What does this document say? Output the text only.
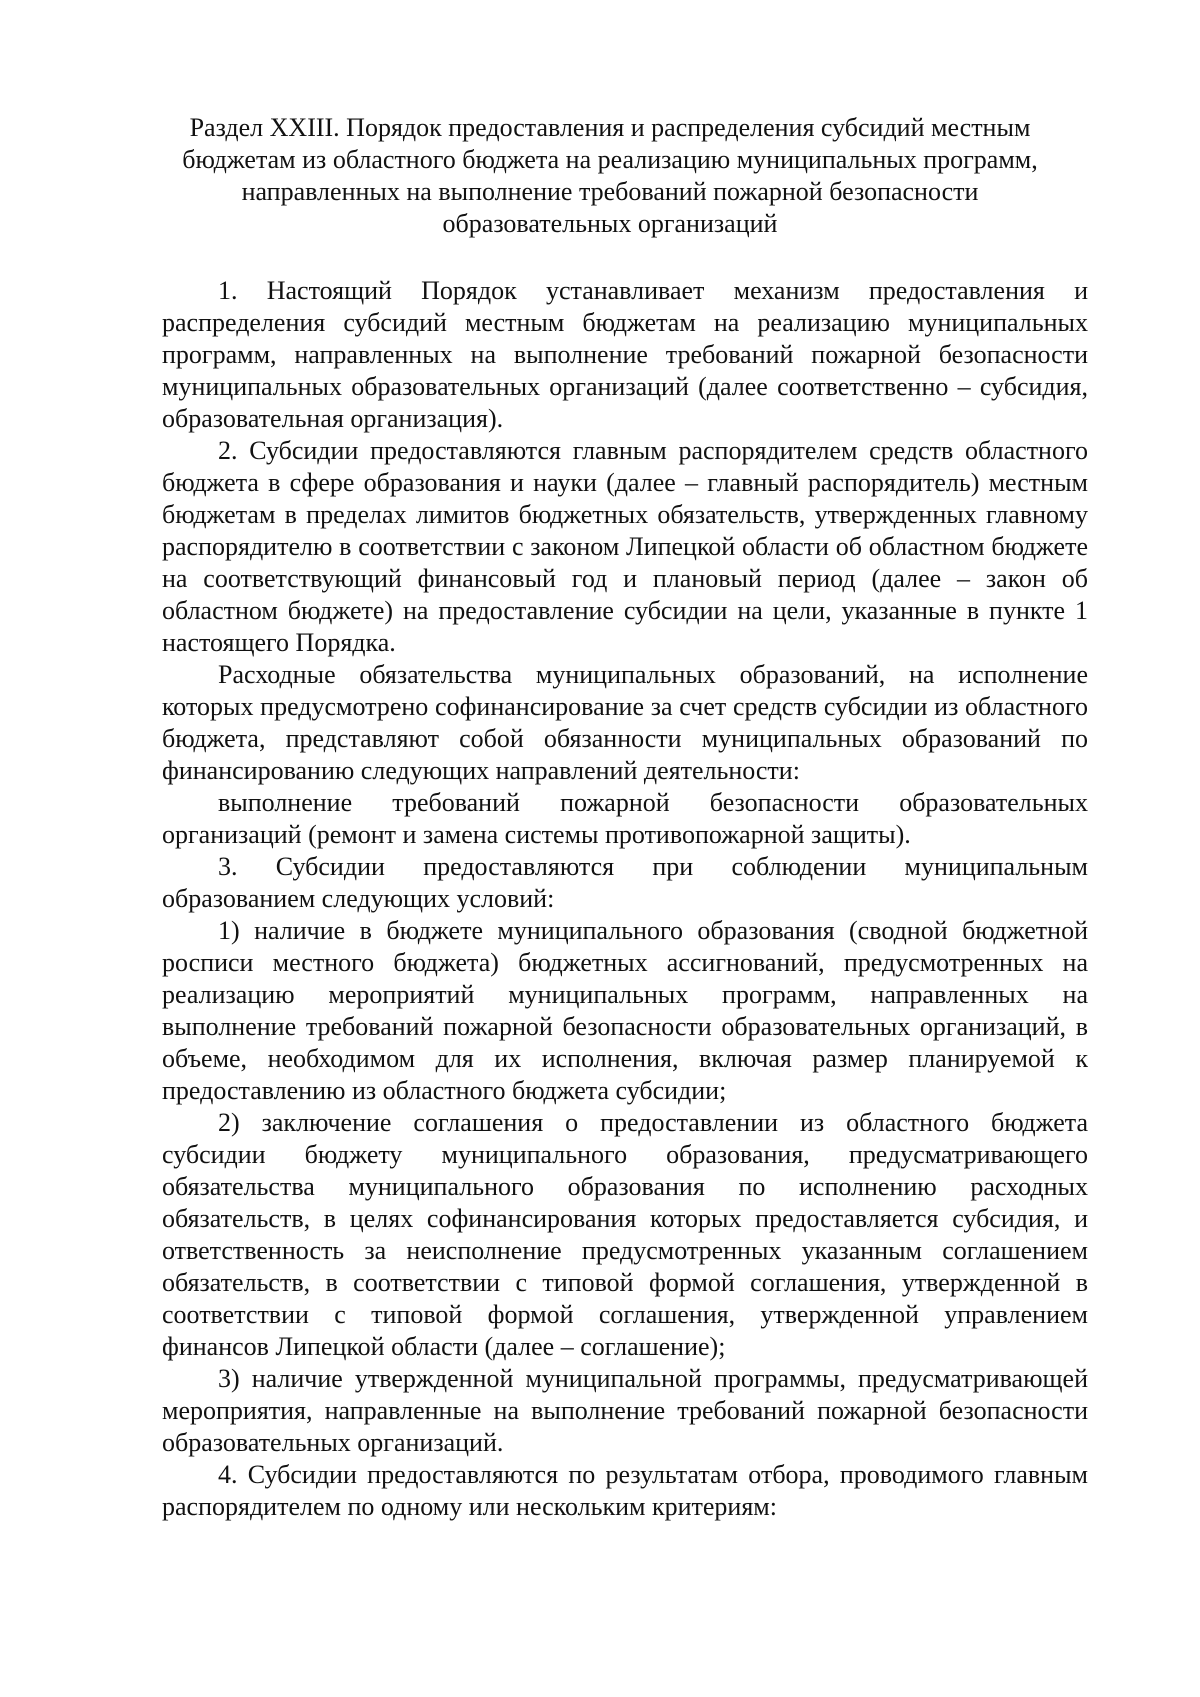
Раздел XXIII. Порядок предоставления и распределения субсидий местным бюджетам из областного бюджета на реализацию муниципальных программ, направленных на выполнение требований пожарной безопасности образовательных организаций

1. Настоящий Порядок устанавливает механизм предоставления и распределения субсидий местным бюджетам на реализацию муниципальных программ, направленных на выполнение требований пожарной безопасности муниципальных образовательных организаций (далее соответственно – субсидия, образовательная организация).

2. Субсидии предоставляются главным распорядителем средств областного бюджета в сфере образования и науки (далее – главный распорядитель) местным бюджетам в пределах лимитов бюджетных обязательств, утвержденных главному распорядителю в соответствии с законом Липецкой области об областном бюджете на соответствующий финансовый год и плановый период (далее – закон об областном бюджете) на предоставление субсидии на цели, указанные в пункте 1 настоящего Порядка.

Расходные обязательства муниципальных образований, на исполнение которых предусмотрено софинансирование за счет средств субсидии из областного бюджета, представляют собой обязанности муниципальных образований по финансированию следующих направлений деятельности:

выполнение требований пожарной безопасности образовательных организаций (ремонт и замена системы противопожарной защиты).

3. Субсидии предоставляются при соблюдении муниципальным образованием следующих условий:

1) наличие в бюджете муниципального образования (сводной бюджетной росписи местного бюджета) бюджетных ассигнований, предусмотренных на реализацию мероприятий муниципальных программ, направленных на выполнение требований пожарной безопасности образовательных организаций, в объеме, необходимом для их исполнения, включая размер планируемой к предоставлению из областного бюджета субсидии;

2) заключение соглашения о предоставлении из областного бюджета субсидии бюджету муниципального образования, предусматривающего обязательства муниципального образования по исполнению расходных обязательств, в целях софинансирования которых предоставляется субсидия, и ответственность за неисполнение предусмотренных указанным соглашением обязательств, в соответствии с типовой формой соглашения, утвержденной в соответствии с типовой формой соглашения, утвержденной управлением финансов Липецкой области (далее – соглашение);

3) наличие утвержденной муниципальной программы, предусматривающей мероприятия, направленные на выполнение требований пожарной безопасности образовательных организаций.

4. Субсидии предоставляются по результатам отбора, проводимого главным распорядителем по одному или нескольким критериям:
